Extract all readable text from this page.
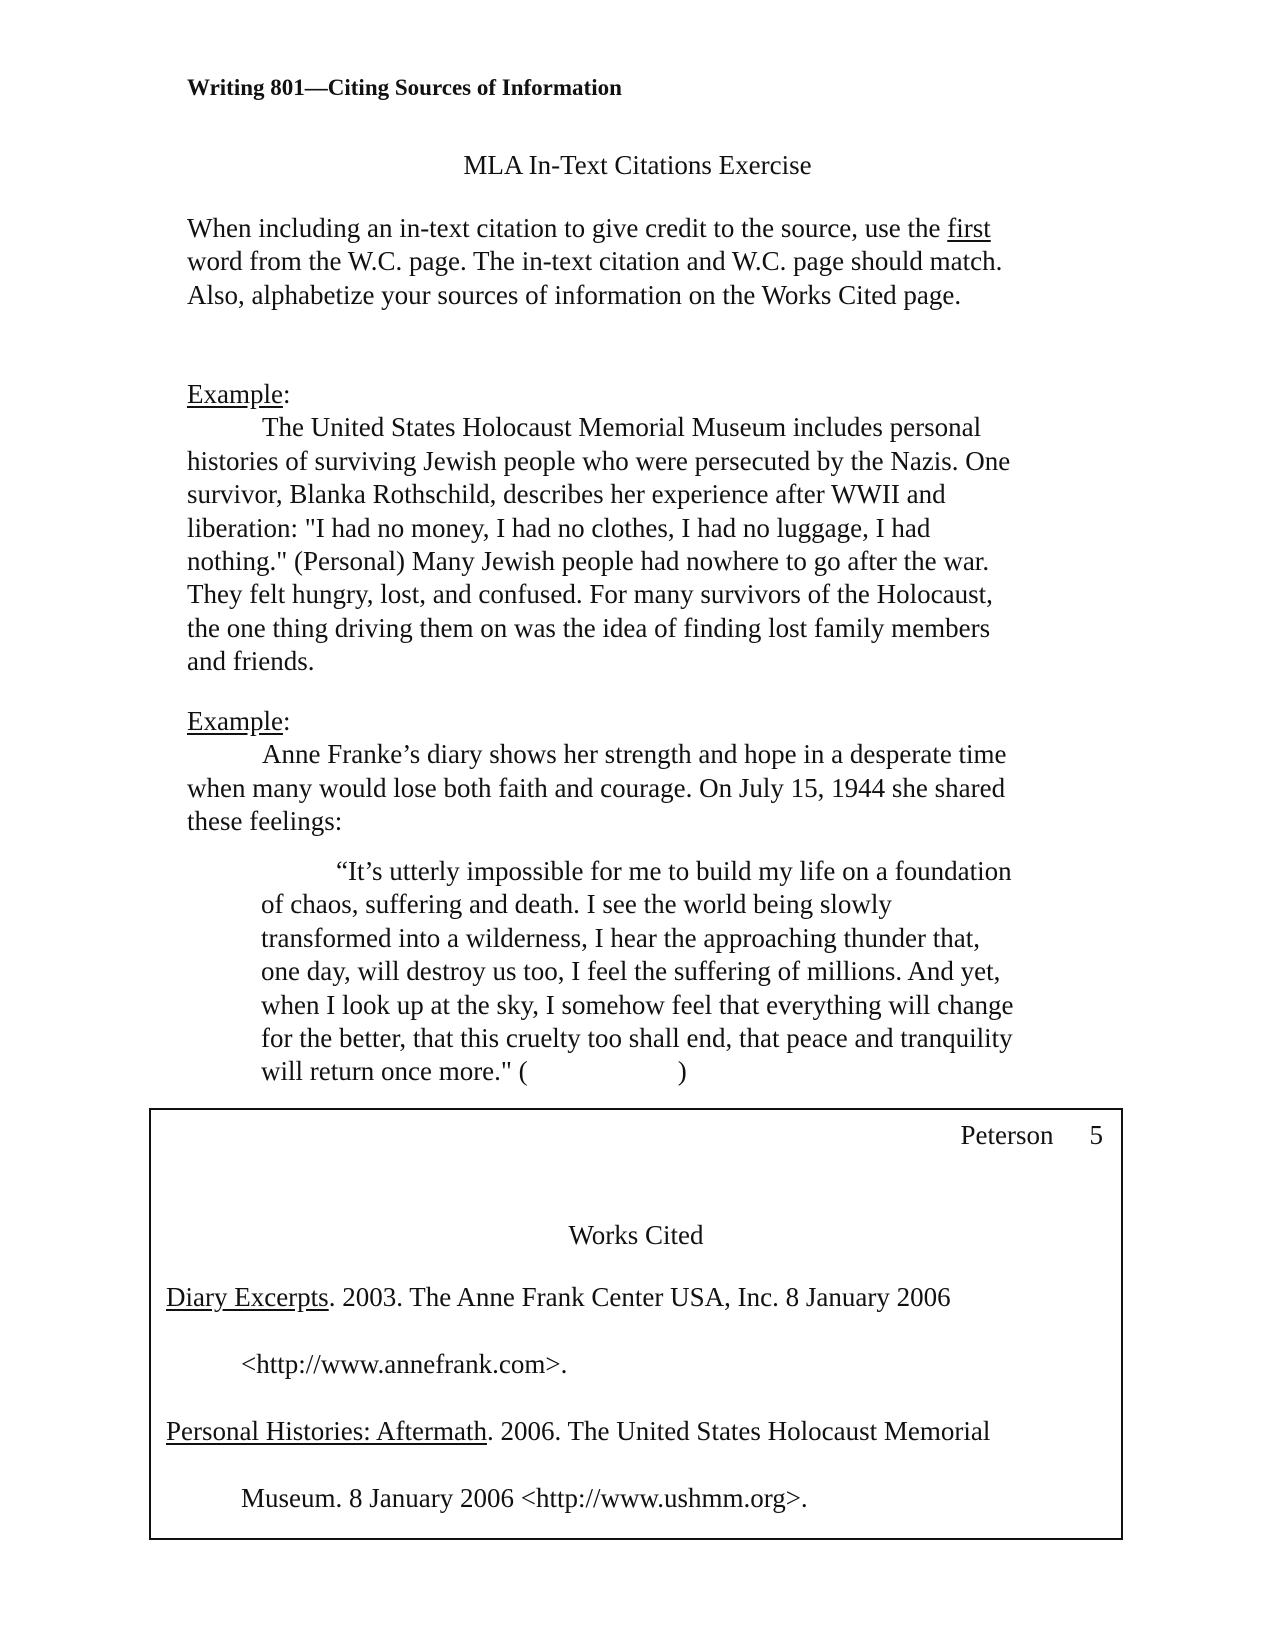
Writing 801—Citing Sources of Information
MLA In-Text Citations Exercise
When including an in-text citation to give credit to the source, use the first
word from the W.C. page. The in-text citation and W.C. page should match.
Also, alphabetize your sources of information on the Works Cited page.
Example:
The United States Holocaust Memorial Museum includes personal
histories of surviving Jewish people who were persecuted by the Nazis. One
survivor, Blanka Rothschild, describes her experience after WWII and
liberation: "I had no money, I had no clothes, I had no luggage, I had
nothing." (Personal) Many Jewish people had nowhere to go after the war.
They felt hungry, lost, and confused. For many survivors of the Holocaust,
the one thing driving them on was the idea of finding lost family members
and friends.
Example:
Anne Franke’s diary shows her strength and hope in a desperate time
when many would lose both faith and courage. On July 15, 1944 she shared
these feelings:
“It’s utterly impossible for me to build my life on a foundation
of chaos, suffering and death. I see the world being slowly
transformed into a wilderness, I hear the approaching thunder that,
one day, will destroy us too, I feel the suffering of millions. And yet,
when I look up at the sky, I somehow feel that everything will change
for the better, that this cruelty too shall end, that peace and tranquility
will return once more." (	)
Peterson 5
Works Cited
Diary Excerpts. 2003. The Anne Frank Center USA, Inc. 8 January 2006
<http://www.annefrank.com>.
Personal Histories: Aftermath. 2006. The United States Holocaust Memorial
Museum. 8 January 2006 <http://www.ushmm.org>.
